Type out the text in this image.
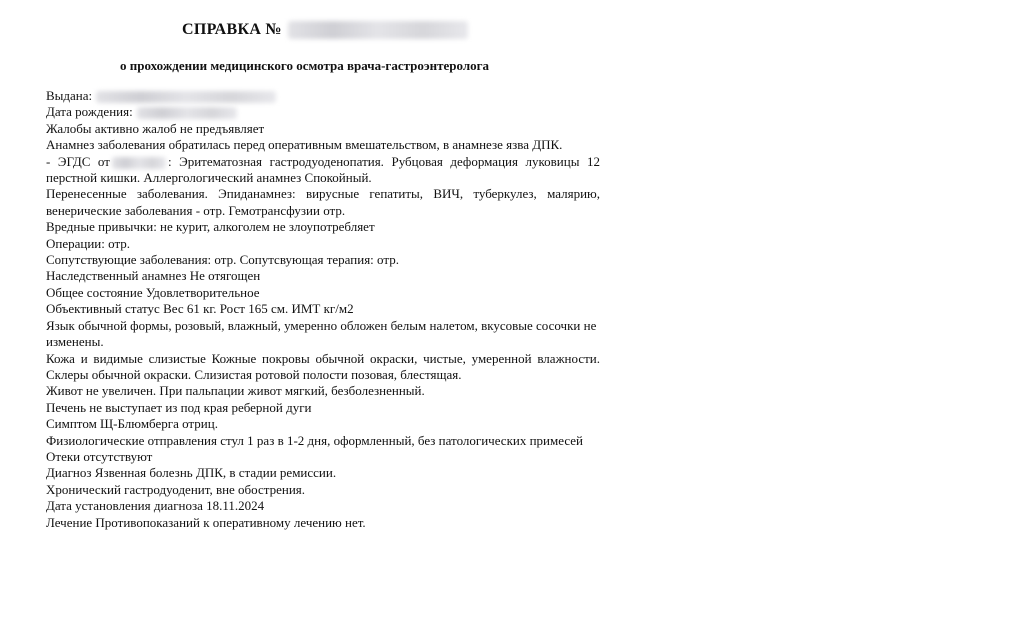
СПРАВКА №
о прохождении медицинского осмотра врача-гастроэнтеролога

Выдана:

Дата рождения:

Жалобы активно жалоб не предъявляет

Анамнез заболевания обратилась перед оперативным вмешательством, в анамнезе язва ДПК.

- ЭГДС от	: Эритематозная гастродуоденопатия. Рубцовая деформация луковицы 12 перстной кишки. Аллергологический анамнез Спокойный.

Перенесенные заболевания. Эпиданамнез: вирусные гепатиты, ВИЧ, туберкулез, малярию, венерические заболевания - отр. Гемотрансфузии отр.

Вредные привычки: не курит, алкоголем не злоупотребляет

Операции: отр.

Сопутствующие заболевания: отр. Сопутсвующая терапия: отр.

Наследственный анамнез Не отягощен

Общее состояние Удовлетворительное

Объективный статус Вес 61 кг. Рост 165 см. ИМТ кг/м2

Язык обычной формы, розовый, влажный, умеренно обложен белым налетом, вкусовые сосочки не

изменены.

Кожа и видимые слизистые Кожные покровы обычной окраски, чистые, умеренной влажности. Склеры обычной окраски. Слизистая ротовой полости позовая, блестящая.

Живот не увеличен. При пальпации живот мягкий, безболезненный.

Печень не выступает из под края реберной дуги

Симптом Щ-Блюмберга отриц.

Физиологические отправления стул 1 раз в 1-2 дня, оформленный, без патологических примесей

Отеки отсутствуют

Диагноз Язвенная болезнь ДПК, в стадии ремиссии.

Хронический гастродуоденит, вне обострения.

Дата установления диагноза 18.11.2024

Лечение Противопоказаний к оперативному лечению нет.
